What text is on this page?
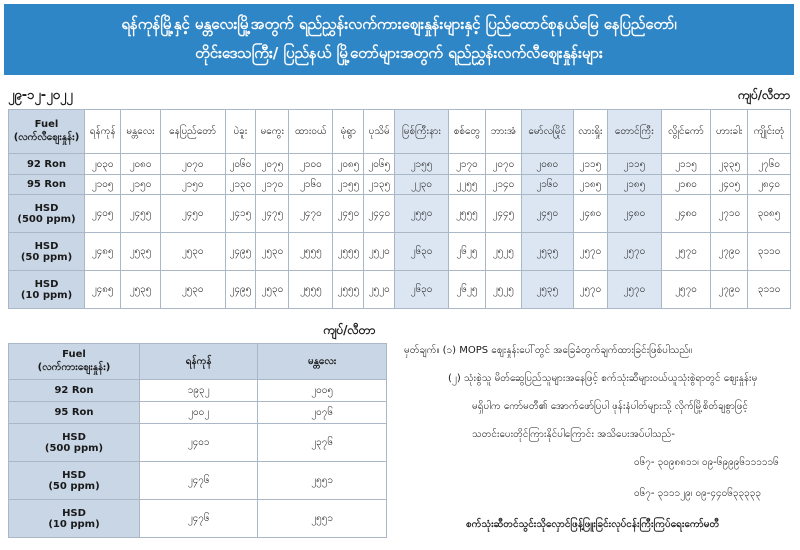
ရန်ကုန်မြို့နှင့် မန္တလေးမြို့အတွက် ရည်ညွှန်းလက်ကားဈေးနှုန်းများနှင့် ပြည်ထောင်စုနယ်မြေ နေပြည်တော်၊
တိုင်းဒေသကြီး/ ပြည်နယ် မြို့တော်များအတွက် ရည်ညွှန်းလက်လီဈေးနှုန်းများ
၂၉-၁၂-၂၀၂၂	ကျပ်/လီတာ
Fuel
(လက်လီဈေးနှုန်း)	ရန်ကုန်	မန္တလေး	နေပြည်တော်	ပဲခူး	မကွေး	ထားဝယ်	မုံရွာ	ပုသိမ်	မြစ်ကြီးနား	စစ်တွေ	ဘားအံ	မော်လမြိုင်	လားရှိုး	တောင်ကြီး	လွိုင်ကော်	ဟားခါး	ကျိုင်းတုံ
92 Ron	၂၀၃၀	၂၀၈၀	၂၀၇၀	၂၀၆၀	၂၀၇၅	၂၁၀၀	၂၀၈၅	၂၀၆၅	၂၁၅၅	၂၁၇၀	၂၀၇၀	၂၀၈၀	၂၁၁၅	၂၁၁၅	၂၁၁၅	၂၃၃၅	၂၇၆၀
95 Ron	၂၁၀၅	၂၁၅၀	၂၁၅၀	၂၁၃၀	၂၁၇၀	၂၁၆၀	၂၁၅၅	၂၁၃၅	၂၂၃၀	၂၂၅၅	၂၁၄၀	၂၁၆၀	၂၁၈၅	၂၁၈၅	၂၁၈၀	၂၄၀၅	၂၈၄၀
HSD
(500 ppm)	၂၄၀၅	၂၄၅၅	၂၄၅၀	၂၄၁၅	၂၄၇၅	၂၄၇၀	၂၄၅၀	၂၄၄၀	၂၅၅၀	၂၅၅၅	၂၄၄၅	၂၄၅၀	၂၄၈၀	၂၄၈၀	၂၄၈၀	၂၇၁၀	၃၀၈၅
HSD
(50 ppm)	၂၄၈၅	၂၅၃၅	၂၅၃၀	၂၄၉၅	၂၅၃၀	၂၅၅၅	၂၅၅၅	၂၅၂၀	၂၆၃၀	၂၆၂၅	၂၅၂၅	၂၅၃၅	၂၅၇၀	၂၅၇၀	၂၅၇၀	၂၇၉၀	၃၁၁၀
HSD
(10 ppm)	၂၄၈၅	၂၅၃၅	၂၅၃၀	၂၄၉၅	၂၅၃၀	၂၅၅၅	၂၅၅၅	၂၅၂၀	၂၆၃၀	၂၆၂၅	၂၅၂၅	၂၅၃၅	၂၅၇၀	၂၅၇၀	၂၅၇၀	၂၇၉၀	၃၁၁၀
ကျပ်/လီတာ
Fuel
(လက်ကားဈေးနှုန်း)	ရန်ကုန်	မန္တလေး
92 Ron	၁၉၃၂	၂၀၀၅
95 Ron	၂၀၀၂	၂၀၇၆
HSD
(500 ppm)	၂၄၀၁	၂၃၇၆
HSD
(50 ppm)	၂၄၇၆	၂၅၅၁
HSD
(10 ppm)	၂၄၇၆	၂၅၅၁
မှတ်ချက်။ (၁) MOPS ဈေးနှုန်းပေါ်တွင် အခြေခံတွက်ချက်ထားခြင်းဖြစ်ပါသည်။
(၂) သုံးစွဲသူ မိတ်ဆွေပြည်သူများအနေဖြင့် စက်သုံးဆီများဝယ်ယူသုံးစွဲရာတွင် ဈေးနှုန်းမှ
မရှိပါက ကော်မတီ၏ အောက်ဖော်ပြပါ ဖုန်းနံပါတ်များသို့ လိုက်မြို့စိတ်ချစွာဖြင့်
သတင်းပေးတိုင်ကြားနိုင်ပါကြောင်း အသိပေးအပ်ပါသည်-
၀၆၇- ၃၀၉၈၈၁၁၊ ၀၉-၆၉၉၉၆၁၁၁၁၁၆
၀၆၇- ၃၁၁၁၂၉၊ ၀၉-၄၄၀၆၃၃၃၃၃
စက်သုံးဆီတင်သွင်းသိုလှောင်ဖြန့်ဖြူးခြင်းလုပ်ငန်းကြီးကြပ်ရေးကော်မတီ
